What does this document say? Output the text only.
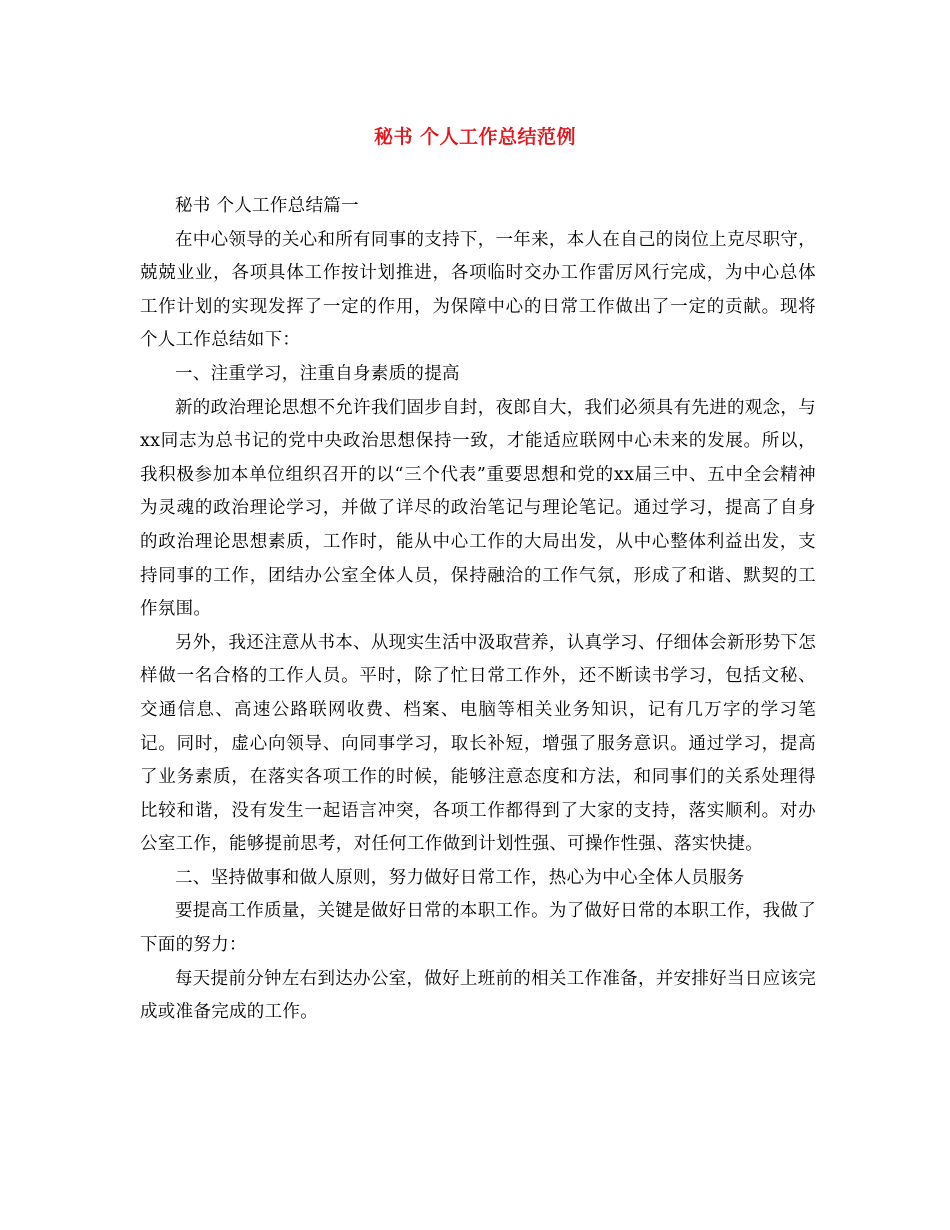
秘书 个人工作总结范例

秘书 个人工作总结篇一

在中心领导的关心和所有同事的支持下，一年来，本人在自己的岗位上克尽职守，兢兢业业，各项具体工作按计划推进，各项临时交办工作雷厉风行完成，为中心总体工作计划的实现发挥了一定的作用，为保障中心的日常工作做出了一定的贡献。现将个人工作总结如下：

一、注重学习，注重自身素质的提高

新的政治理论思想不允许我们固步自封，夜郎自大，我们必须具有先进的观念，与xx同志为总书记的党中央政治思想保持一致，才能适应联网中心未来的发展。所以，我积极参加本单位组织召开的以“三个代表”重要思想和党的xx届三中、五中全会精神为灵魂的政治理论学习，并做了详尽的政治笔记与理论笔记。通过学习，提高了自身的政治理论思想素质，工作时，能从中心工作的大局出发，从中心整体利益出发，支持同事的工作，团结办公室全体人员，保持融洽的工作气氛，形成了和谐、默契的工作氛围。

另外，我还注意从书本、从现实生活中汲取营养，认真学习、仔细体会新形势下怎样做一名合格的工作人员。平时，除了忙日常工作外，还不断读书学习，包括文秘、交通信息、高速公路联网收费、档案、电脑等相关业务知识，记有几万字的学习笔记。同时，虚心向领导、向同事学习，取长补短，增强了服务意识。通过学习，提高了业务素质，在落实各项工作的时候，能够注意态度和方法，和同事们的关系处理得比较和谐，没有发生一起语言冲突，各项工作都得到了大家的支持，落实顺利。对办公室工作，能够提前思考，对任何工作做到计划性强、可操作性强、落实快捷。

二、坚持做事和做人原则，努力做好日常工作，热心为中心全体人员服务

要提高工作质量，关键是做好日常的本职工作。为了做好日常的本职工作，我做了下面的努力：

每天提前分钟左右到达办公室，做好上班前的相关工作准备，并安排好当日应该完成或准备完成的工作。
